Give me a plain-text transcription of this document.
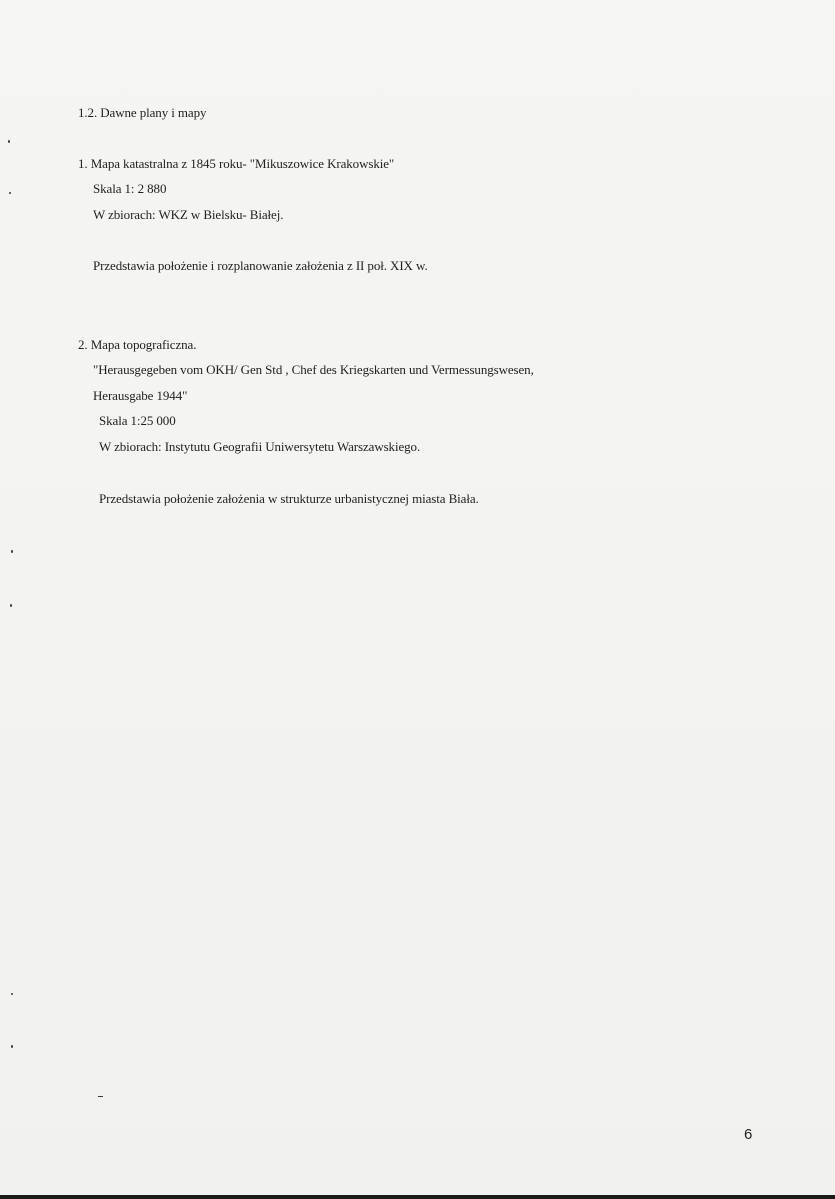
1.2. Dawne plany i mapy
1. Mapa katastralna z 1845 roku- "Mikuszowice Krakowskie"
Skala 1: 2 880
W zbiorach: WKZ w Bielsku- Białej.
Przedstawia położenie i rozplanowanie założenia z II poł. XIX w.
2. Mapa topograficzna.
"Herausgegeben vom OKH/ Gen Std , Chef des Kriegskarten und Vermessungswesen,
Herausgabe 1944"
Skala 1:25 000
W zbiorach: Instytutu Geografii Uniwersytetu Warszawskiego.
Przedstawia położenie założenia w strukturze urbanistycznej miasta Biała.
6
